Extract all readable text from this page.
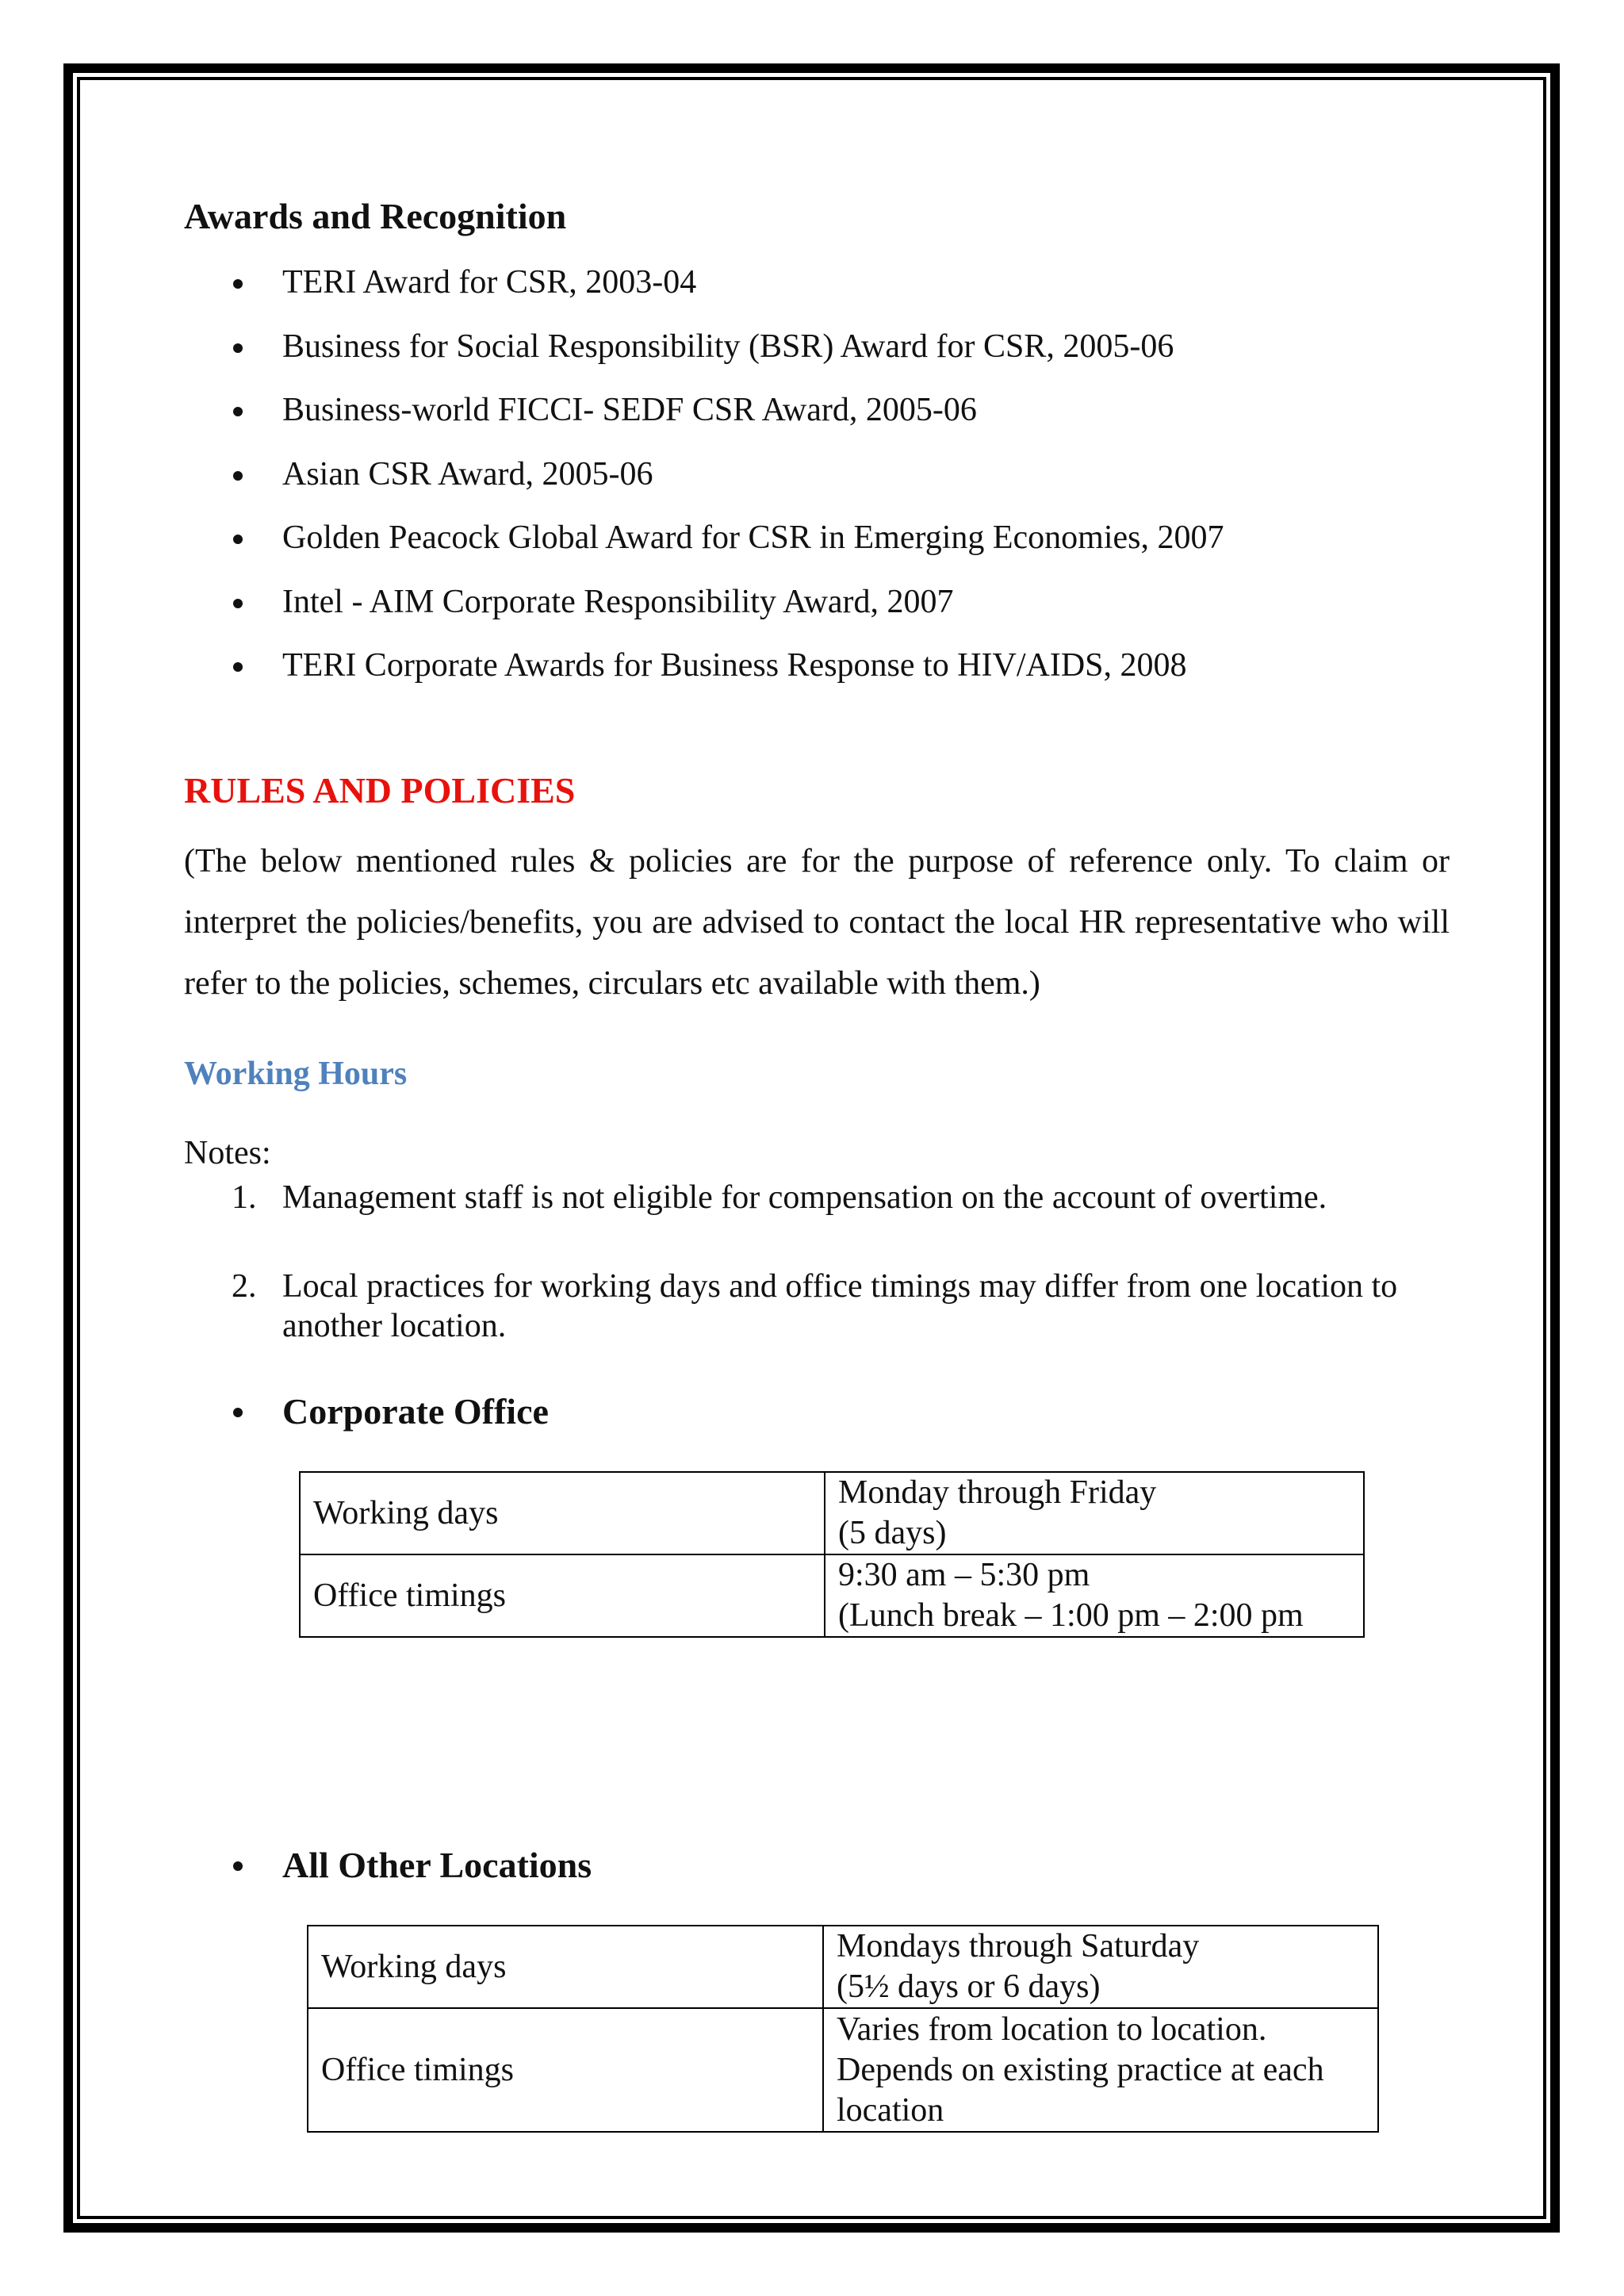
Awards and Recognition
TERI Award for CSR, 2003-04
Business for Social Responsibility (BSR) Award for CSR, 2005-06
Business-world FICCI- SEDF CSR Award, 2005-06
Asian CSR Award, 2005-06
Golden Peacock Global Award for CSR in Emerging Economies, 2007
Intel - AIM Corporate Responsibility Award, 2007
TERI Corporate Awards for Business Response to HIV/AIDS, 2008
RULES AND POLICIES
(The below mentioned rules & policies are for the purpose of reference only. To claim or interpret the policies/benefits, you are advised to contact the local HR representative who will refer to the policies, schemes, circulars etc available with them.)
Working Hours
Notes:
1. Management staff is not eligible for compensation on the account of overtime.
2. Local practices for working days and office timings may differ from one location to another location.
Corporate Office
Working days	Monday through Friday
(5 days)

Office timings	9:30 am – 5:30 pm
(Lunch break – 1:00 pm – 2:00 pm
All Other Locations
Working days	Mondays through Saturday
(5½ days or 6 days)

Office timings	Varies from location to location.
Depends on existing practice at each
location
